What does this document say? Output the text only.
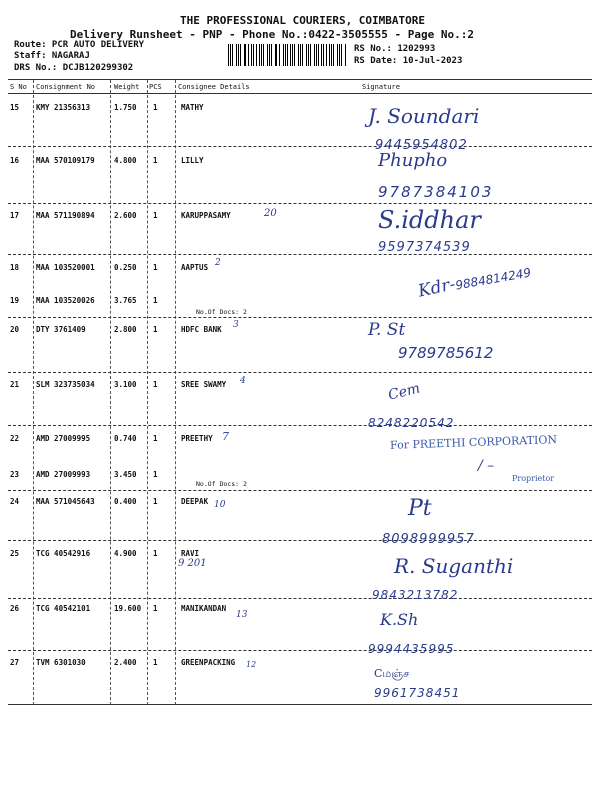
THE PROFESSIONAL COURIERS, COIMBATORE
Delivery Runsheet - PNP - Phone No.:0422-3505555 - Page No.:2
Route: PCR AUTO DELIVERY
Staff: NAGARAJ
DRS No.: DCJB120299302
RS No.: 1202993
RS Date: 10-Jul-2023
S No Consignment No	Weight PCS Consignee Details	Signature
15 KMY 21356313	1.750 1	MATHY	J. Soundari
9445954802
16 MAA 570109179	4.800 1	LILLY	Phupho
9787384103
17 MAA 571190894	2.600 1	KARUPPASAMY	20	S.iddhar
9597374539
18 MAA 103520001	0.250 1	AAPTUS 2
19 MAA 103520026	3.765 1
No.Of Docs: 2
Kdr-
9884814249
20 DTY 3761409	2.800 1	HDFC BANK 3	P. St
9789785612
21 SLM 323735034	3.100 1	SREE SWAMY 4	Cem
8248220542
22 AMD 27009995	0.740 1	PREETHY 7	For PREETHI CORPORATION
/ –
Proprietor
23 AMD 27009993	3.450 1
No.Of Docs: 2
24 MAA 571045643	0.400 1	DEEPAK 10	Pt
8098999957
25 TCG 40542916	4.900 1	RAVI
9 201	R. Suganthi
9843213782
26 TCG 40542101	19.600 1	MANIKANDAN
13	K.Sh
9994435995
27 TVM 6301030	2.400 1	GREENPACKING 12
Cமஞ்ச
9961738451
